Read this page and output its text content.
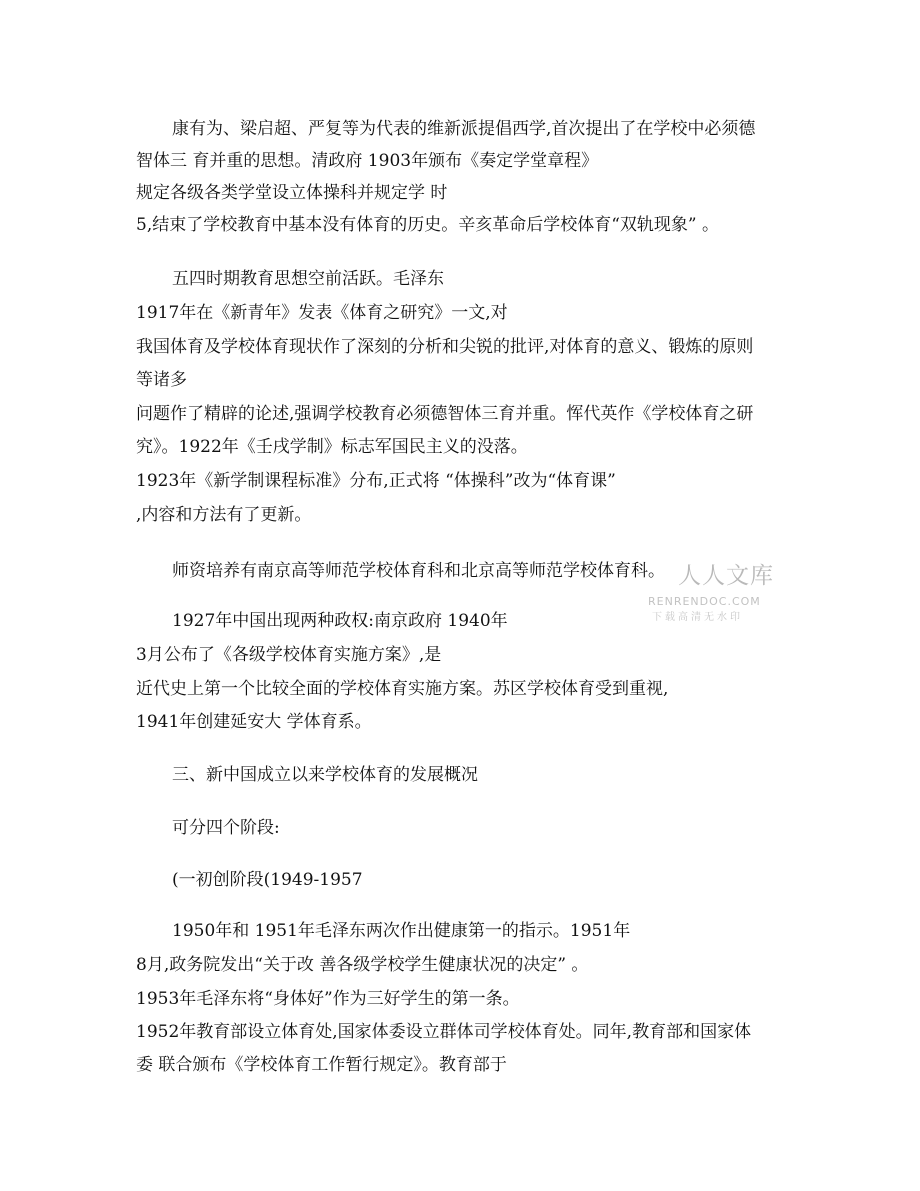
康有为、梁启超、严复等为代表的维新派提倡西学,首次提出了在学校中必须德
智体三 育并重的思想。清政府 1903年颁布《奏定学堂章程》
规定各级各类学堂设立体操科并规定学 时
5,结束了学校教育中基本没有体育的历史。辛亥革命后学校体育“双轨现象” 。
五四时期教育思想空前活跃。毛泽东
1917年在《新青年》发表《体育之研究》一文,对
我国体育及学校体育现状作了深刻的分析和尖锐的批评,对体育的意义、锻炼的原则
等诸多
问题作了精辟的论述,强调学校教育必须德智体三育并重。恽代英作《学校体育之研
究》。1922年《壬戌学制》标志军国民主义的没落。
1923年《新学制课程标准》分布,正式将 “体操科”改为“体育课”
,内容和方法有了更新。
师资培养有南京高等师范学校体育科和北京高等师范学校体育科。
1927年中国出现两种政权:南京政府 1940年
3月公布了《各级学校体育实施方案》,是
近代史上第一个比较全面的学校体育实施方案。苏区学校体育受到重视,
1941年创建延安大 学体育系。
三、新中国成立以来学校体育的发展概况
可分四个阶段:
(一初创阶段(1949-1957
1950年和 1951年毛泽东两次作出健康第一的指示。1951年
8月,政务院发出“关于改 善各级学校学生健康状况的决定” 。
1953年毛泽东将“身体好”作为三好学生的第一条。
1952年教育部设立体育处,国家体委设立群体司学校体育处。同年,教育部和国家体
委 联合颁布《学校体育工作暂行规定》。教育部于
人人文库
RENRENDOC.COM
下载高清无水印
